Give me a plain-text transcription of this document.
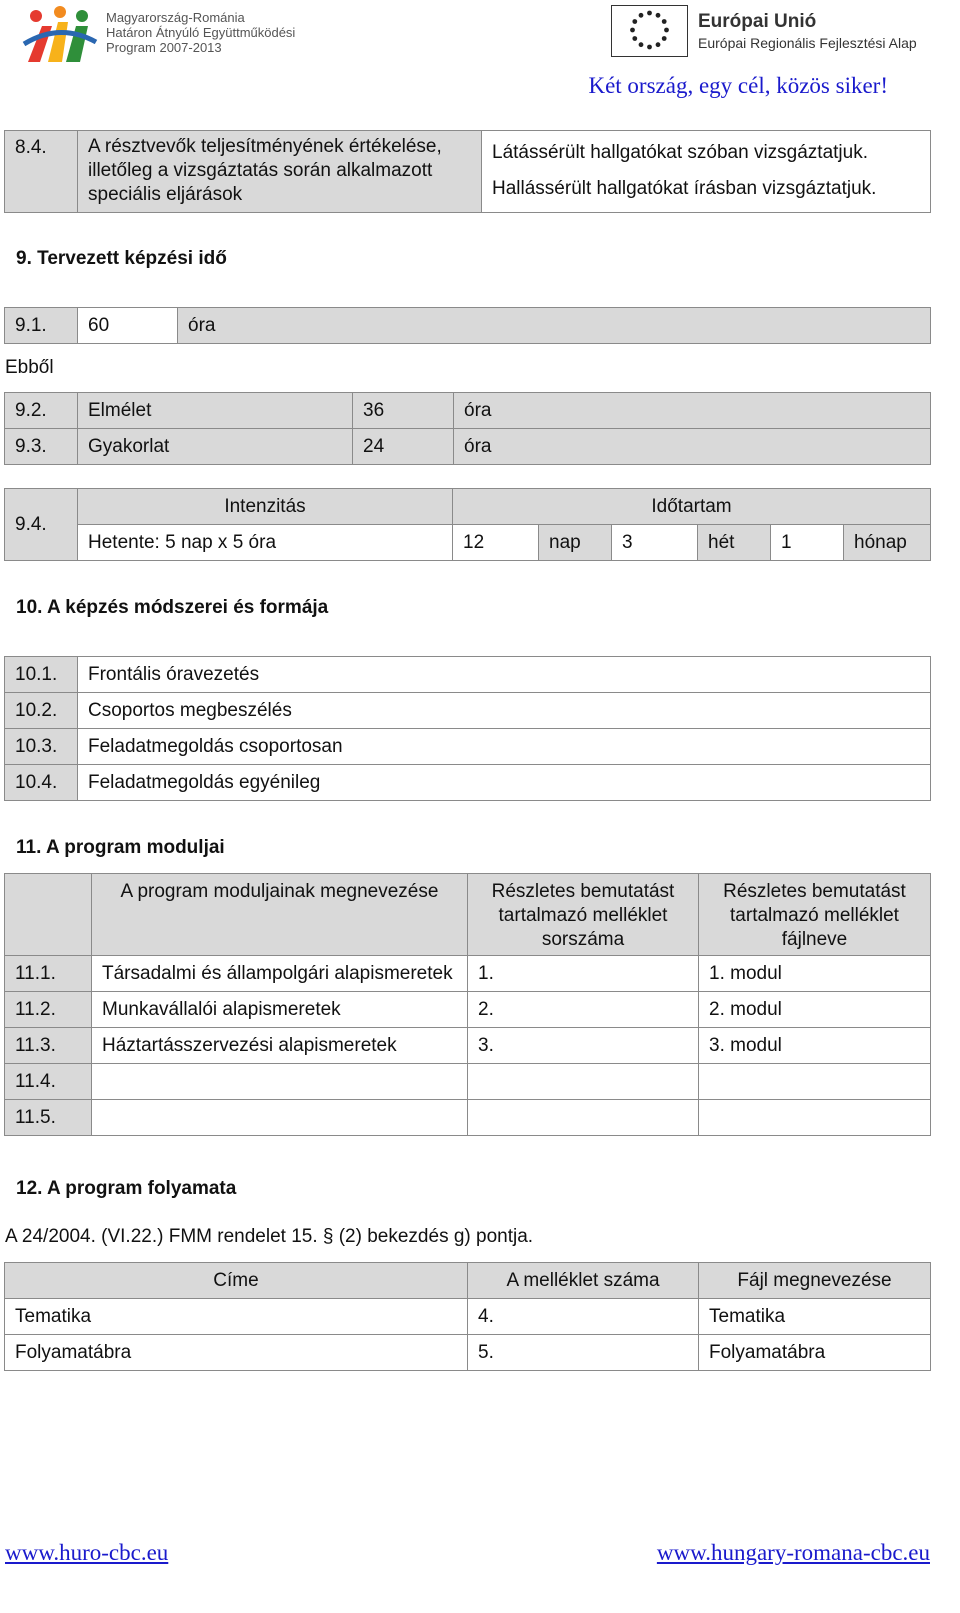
Magyarország-Románia
Határon Átnyúló Együttműködési
Program 2007-2013
Európai Unió
Európai Regionális Fejlesztési Alap
Két ország, egy cél, közös siker!
8.4.	A résztvevők teljesítményének értékelése, illetőleg a vizsgáztatás során alkalmazott speciális eljárások	
Látássérült hallgatókat szóban vizsgáztatjuk.
Hallássérült hallgatókat írásban vizsgáztatjuk.
9. Tervezett képzési idő
9.1.	60	óra
Ebből
9.2.	Elmélet	36	óra
9.3.	Gyakorlat	24	óra
9.4.	Intenzitás	Időtartam					
	Hetente: 5 nap x 5 óra	12	nap	3	hét	1	hónap
10. A képzés módszerei és formája
10.1.	Frontális óravezetés
10.2.	Csoportos megbeszélés
10.3.	Feladatmegoldás csoportosan
10.4.	Feladatmegoldás egyénileg
11. A program moduljai
	A program moduljainak megnevezése	Részletes bemutatást tartalmazó melléklet sorszáma	Részletes bemutatást tartalmazó melléklet fájlneve
11.1.	Társadalmi és állampolgári alapismeretek	1.	1. modul
11.2.	Munkavállalói alapismeretek	2.	2. modul
11.3.	Háztartásszervezési alapismeretek	3.	3. modul
11.4.			
11.5.			
12. A program folyamata
A 24/2004. (VI.22.) FMM rendelet 15. § (2) bekezdés g) pontja.
Címe	A melléklet száma	Fájl megnevezése
Tematika	4.	Tematika
Folyamatábra	5.	Folyamatábra
www.huro-cbc.eu	www.hungary-romana-cbc.eu
